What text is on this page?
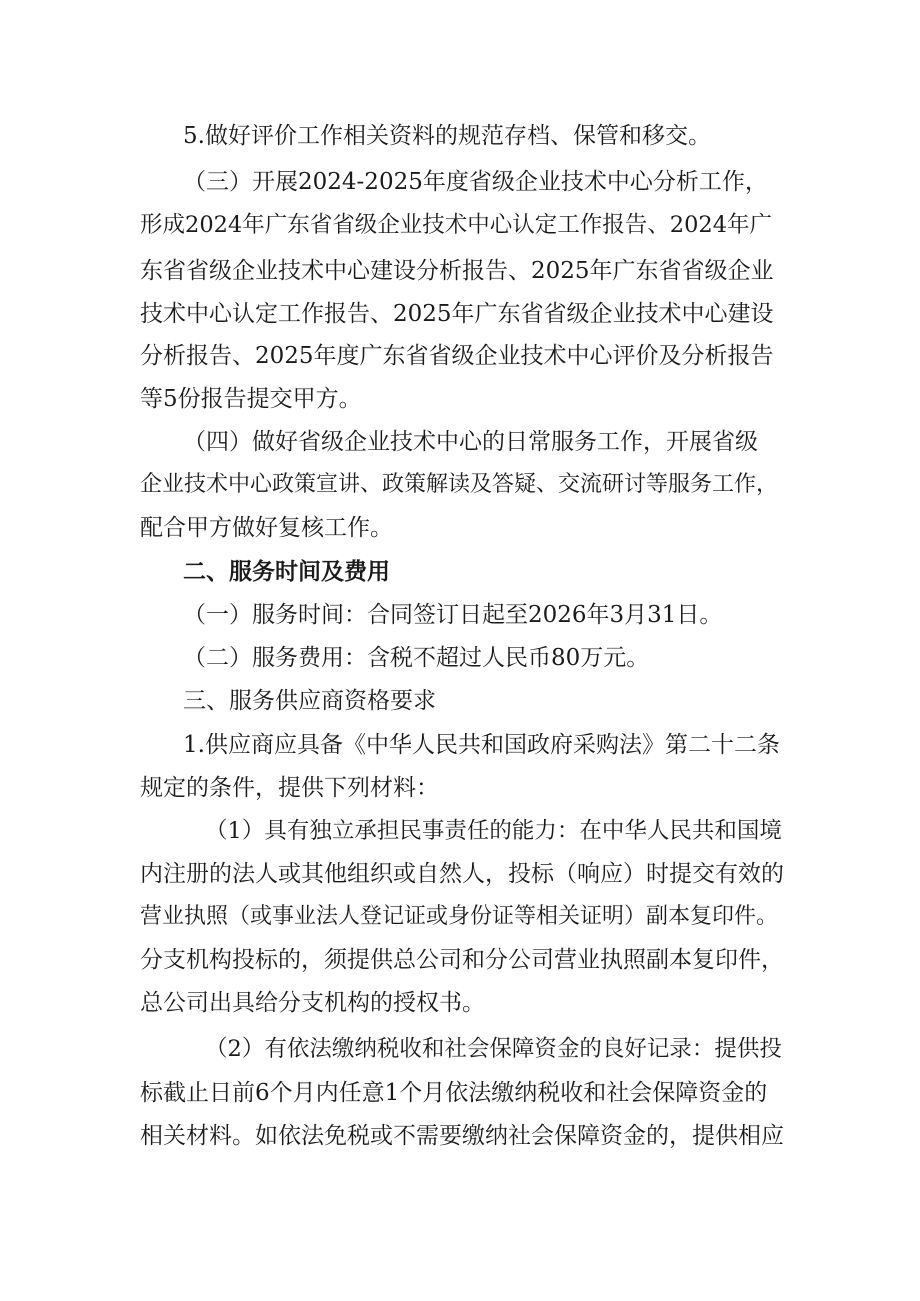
5.做好评价工作相关资料的规范存档、保管和移交。
（三）开展2024-2025年度省级企业技术中心分析工作，
形成2024年广东省省级企业技术中心认定工作报告、2024年广
东省省级企业技术中心建设分析报告、2025年广东省省级企业
技术中心认定工作报告、2025年广东省省级企业技术中心建设
分析报告、2025年度广东省省级企业技术中心评价及分析报告
等5份报告提交甲方。
（四）做好省级企业技术中心的日常服务工作，开展省级
企业技术中心政策宣讲、政策解读及答疑、交流研讨等服务工作，
配合甲方做好复核工作。
二、服务时间及费用
（一）服务时间：合同签订日起至2026年3月31日。
（二）服务费用：含税不超过人民币80万元。
三、服务供应商资格要求
1.供应商应具备《中华人民共和国政府采购法》第二十二条
规定的条件，提供下列材料：
（1）具有独立承担民事责任的能力：在中华人民共和国境
内注册的法人或其他组织或自然人，投标（响应）时提交有效的
营业执照（或事业法人登记证或身份证等相关证明）副本复印件。
分支机构投标的，须提供总公司和分公司营业执照副本复印件，
总公司出具给分支机构的授权书。
（2）有依法缴纳税收和社会保障资金的良好记录：提供投
标截止日前6个月内任意1个月依法缴纳税收和社会保障资金的
相关材料。如依法免税或不需要缴纳社会保障资金的，提供相应
